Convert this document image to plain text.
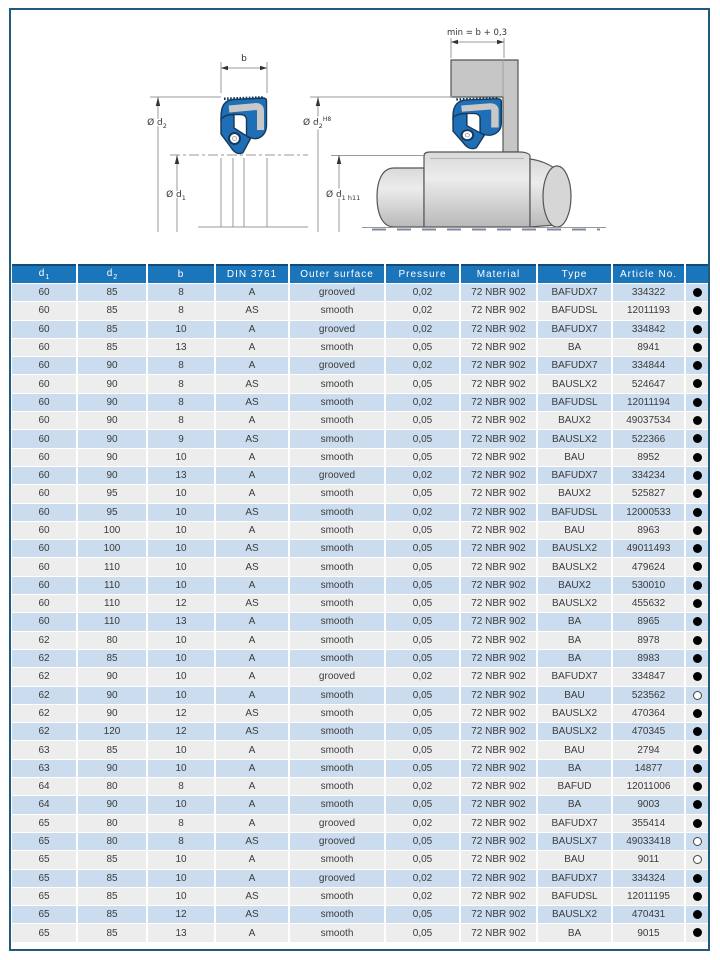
b
Ø $d_2$
Ø $d_1$
min = b + 0,3
Ø $d_2^{H8}$
Ø $d_{1 h11}$
$d_1$	$d_2$	b	DIN 3761	Outer surface	Pressure	Material	Type	Article No.	
60	85	8	A	grooved	0,02	72 NBR 902	BAFUDX7	334322	
60	85	8	AS	smooth	0,02	72 NBR 902	BAFUDSL	12011193	
60	85	10	A	grooved	0,02	72 NBR 902	BAFUDX7	334842	
60	85	13	A	smooth	0,05	72 NBR 902	BA	8941	
60	90	8	A	grooved	0,02	72 NBR 902	BAFUDX7	334844	
60	90	8	AS	smooth	0,05	72 NBR 902	BAUSLX2	524647	
60	90	8	AS	smooth	0,02	72 NBR 902	BAFUDSL	12011194	
60	90	8	A	smooth	0,05	72 NBR 902	BAUX2	49037534	
60	90	9	AS	smooth	0,05	72 NBR 902	BAUSLX2	522366	
60	90	10	A	smooth	0,05	72 NBR 902	BAU	8952	
60	90	13	A	grooved	0,02	72 NBR 902	BAFUDX7	334234	
60	95	10	A	smooth	0,05	72 NBR 902	BAUX2	525827	
60	95	10	AS	smooth	0,02	72 NBR 902	BAFUDSL	12000533	
60	100	10	A	smooth	0,05	72 NBR 902	BAU	8963	
60	100	10	AS	smooth	0,05	72 NBR 902	BAUSLX2	49011493	
60	110	10	AS	smooth	0,05	72 NBR 902	BAUSLX2	479624	
60	110	10	A	smooth	0,05	72 NBR 902	BAUX2	530010	
60	110	12	AS	smooth	0,05	72 NBR 902	BAUSLX2	455632	
60	110	13	A	smooth	0,05	72 NBR 902	BA	8965	
62	80	10	A	smooth	0,05	72 NBR 902	BA	8978	
62	85	10	A	smooth	0,05	72 NBR 902	BA	8983	
62	90	10	A	grooved	0,02	72 NBR 902	BAFUDX7	334847	
62	90	10	A	smooth	0,05	72 NBR 902	BAU	523562	
62	90	12	AS	smooth	0,05	72 NBR 902	BAUSLX2	470364	
62	120	12	AS	smooth	0,05	72 NBR 902	BAUSLX2	470345	
63	85	10	A	smooth	0,05	72 NBR 902	BAU	2794	
63	90	10	A	smooth	0,05	72 NBR 902	BA	14877	
64	80	8	A	smooth	0,02	72 NBR 902	BAFUD	12011006	
64	90	10	A	smooth	0,05	72 NBR 902	BA	9003	
65	80	8	A	grooved	0,02	72 NBR 902	BAFUDX7	355414	
65	80	8	AS	grooved	0,05	72 NBR 902	BAUSLX7	49033418	
65	85	10	A	smooth	0,05	72 NBR 902	BAU	9011	
65	85	10	A	grooved	0,02	72 NBR 902	BAFUDX7	334324	
65	85	10	AS	smooth	0,02	72 NBR 902	BAFUDSL	12011195	
65	85	12	AS	smooth	0,05	72 NBR 902	BAUSLX2	470431	
65	85	13	A	smooth	0,05	72 NBR 902	BA	9015	
